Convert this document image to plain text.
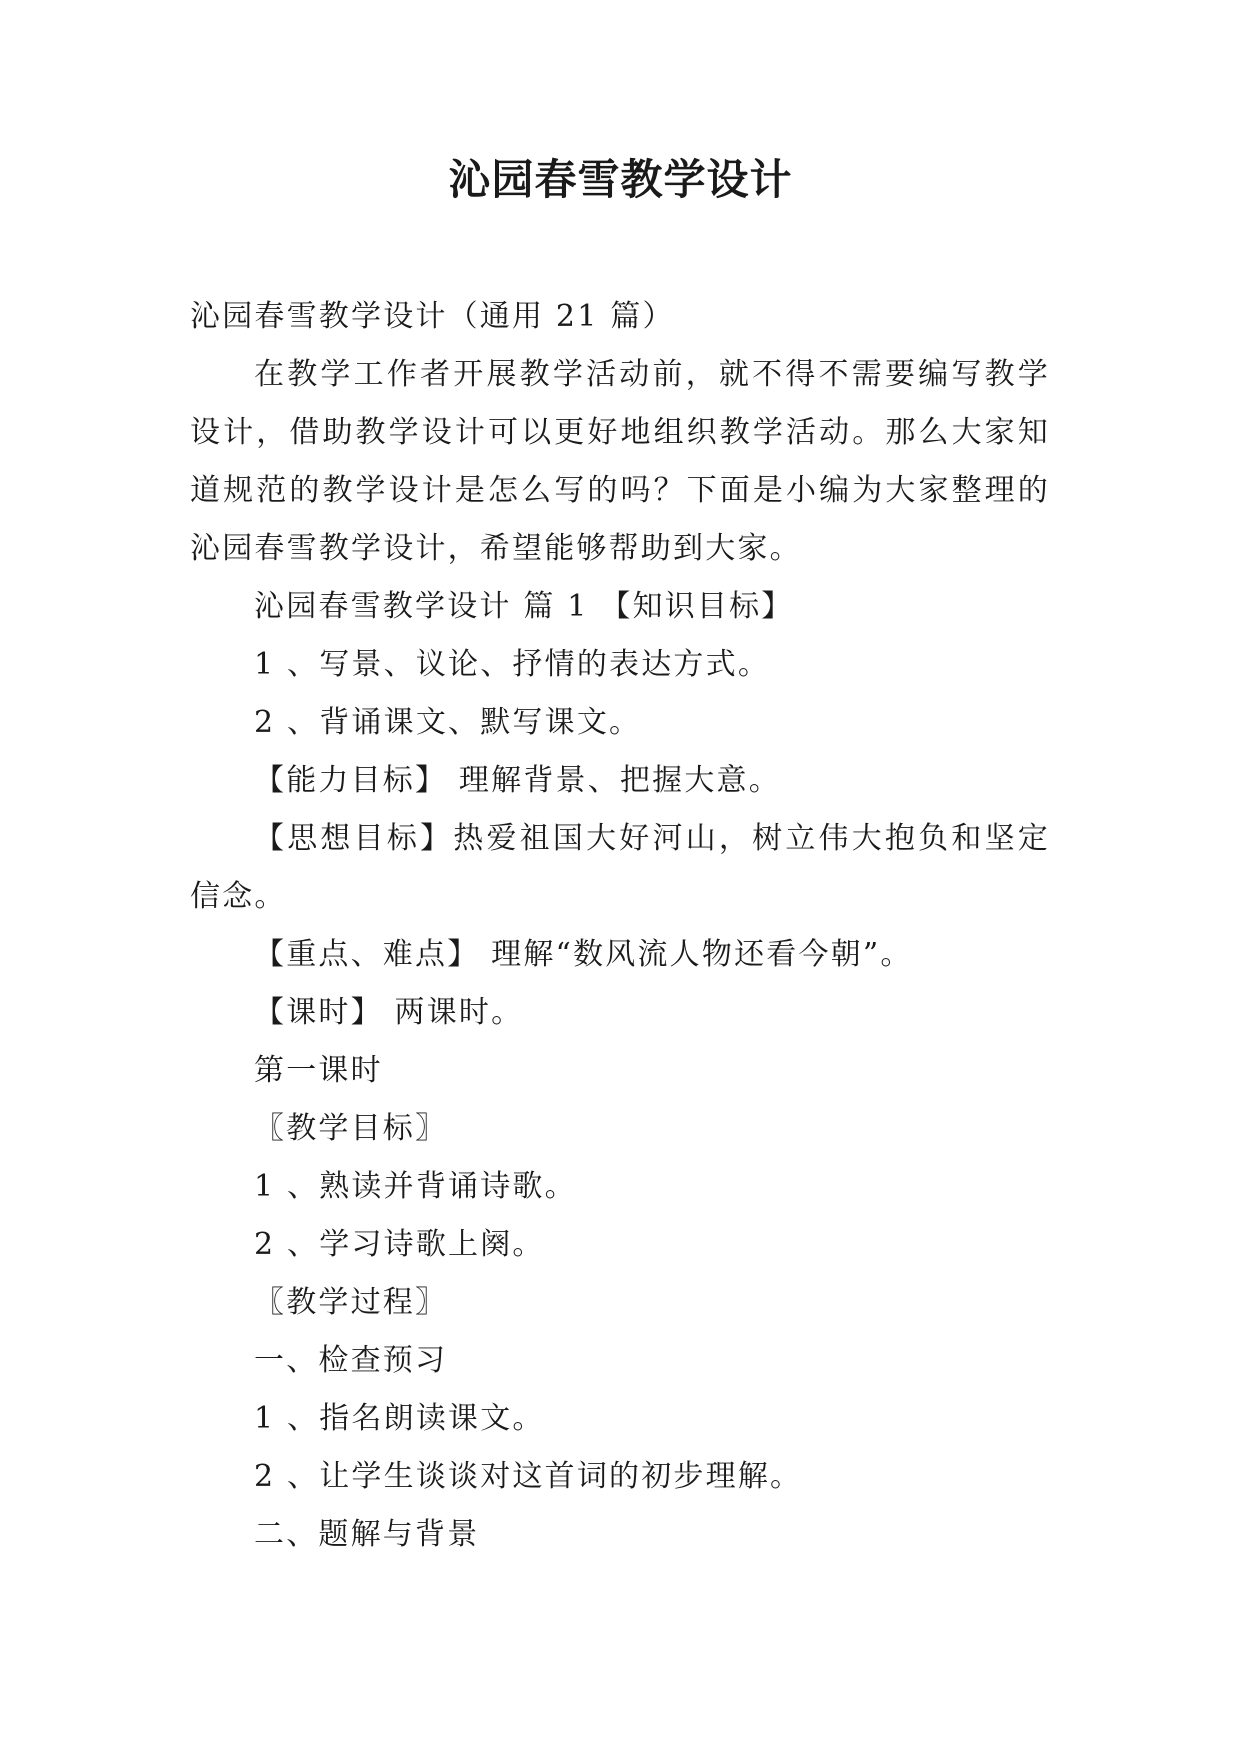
沁园春雪教学设计
沁园春雪教学设计（通用 21 篇）
在教学工作者开展教学活动前，就不得不需要编写教学设计，借助教学设计可以更好地组织教学活动。那么大家知道规范的教学设计是怎么写的吗？下面是小编为大家整理的沁园春雪教学设计，希望能够帮助到大家。
沁园春雪教学设计 篇 1 【知识目标】
1 、写景、议论、抒情的表达方式。
2 、背诵课文、默写课文。
【能力目标】 理解背景、把握大意。
【思想目标】热爱祖国大好河山，树立伟大抱负和坚定信念。
【重点、难点】 理解“数风流人物还看今朝”。
【课时】 两课时。
第一课时
〖教学目标〗
1 、熟读并背诵诗歌。
2 、学习诗歌上阕。
〖教学过程〗
一、检查预习
1 、指名朗读课文。
2 、让学生谈谈对这首词的初步理解。
二、题解与背景
